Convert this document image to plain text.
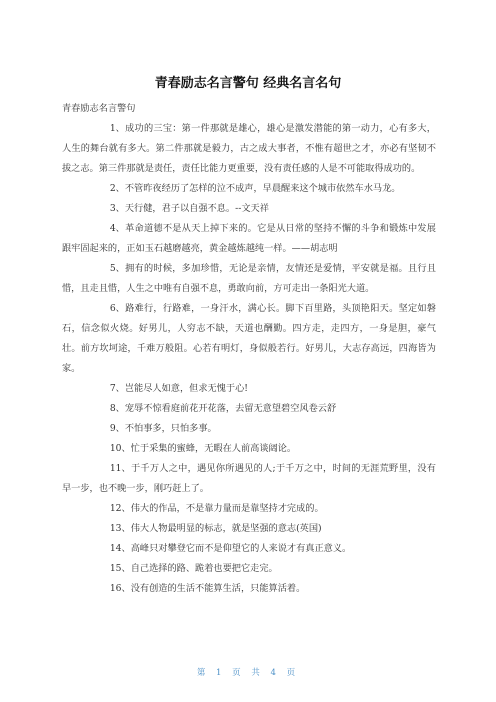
青春励志名言警句 经典名言名句

青春励志名言警句

1、成功的三宝：第一件那就是雄心，雄心是激发潜能的第一动力，心有多大，人生的舞台就有多大。第二件那就是毅力，古之成大事者，不惟有超世之才，亦必有坚韧不拔之志。第三件那就是责任，责任比能力更重要，没有责任感的人是不可能取得成功的。

2、不管昨夜经历了怎样的泣不成声，早晨醒来这个城市依然车水马龙。

3、天行健，君子以自强不息。--文天祥

4、革命道德不是从天上掉下来的。它是从日常的坚持不懈的斗争和锻炼中发展跟牢固起来的，正如玉石越磨越亮，黄金越炼越纯一样。——胡志明

5、拥有的时候，多加珍惜，无论是亲情，友情还是爱情，平安就是福。且行且惜，且走且惜，人生之中唯有自强不息，勇敢向前，方可走出一条阳光大道。

6、路难行，行路难，一身汗水，满心长。脚下百里路，头顶艳阳天。坚定如磐石，信念似火烧。好男儿，人穷志不缺，天道也酬勤。四方走，走四方，一身是胆，豪气壮。前方坎坷途，千难万般阻。心若有明灯，身似般若行。好男儿，大志存高远，四海皆为家。

7、岂能尽人如意，但求无愧于心!

8、宠辱不惊看庭前花开花落，去留无意望碧空风卷云舒

9、不怕事多，只怕多事。

10、忙于采集的蜜蜂，无暇在人前高谈阔论。

11、于千万人之中，遇见你所遇见的人;于千万之中，时间的无涯荒野里，没有早一步，也不晚一步，刚巧赶上了。

12、伟大的作品，不是靠力量而是靠坚持才完成的。

13、伟大人物最明显的标志，就是坚强的意志(英国)

14、高峰只对攀登它而不是仰望它的人来说才有真正意义。

15、自己选择的路、跪着也要把它走完。

16、没有创造的生活不能算生活，只能算活着。

第 1 页 共 4 页
